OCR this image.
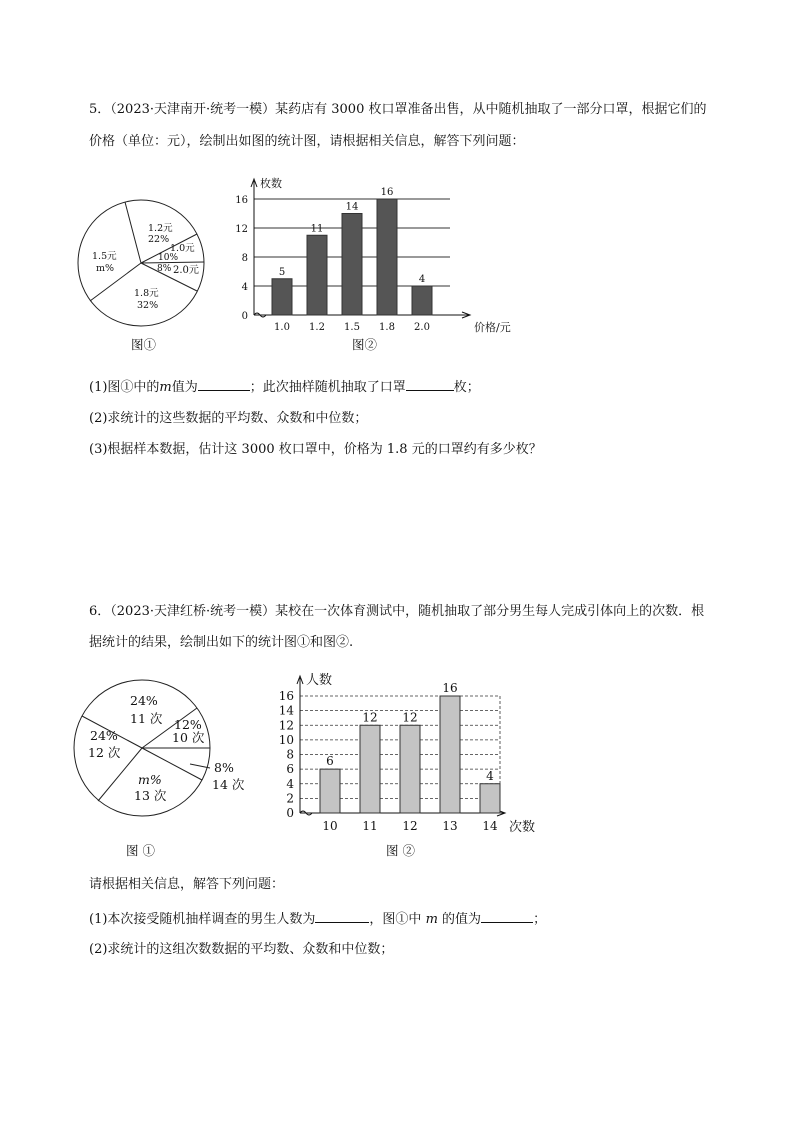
5．（2023·天津南开·统考一模）某药店有 3000 枚口罩准备出售，从中随机抽取了一部分口罩，根据它们的
价格（单位：元），绘制出如图的统计图，请根据相关信息，解答下列问题：
1.2元
22%
1.0元
10%
2.0元
8%
1.8元
32%
1.5元
m%
图①
0
4
8
12
16
枚数
价格/元
5
1.0
11
1.2
14
1.5
16
1.8
4
2.0
图②
(1)图①中的m值为	；此次抽样随机抽取了口罩	枚；
(2)求统计的这些数据的平均数、众数和中位数；
(3)根据样本数据，估计这 3000 枚口罩中，价格为 1.8 元的口罩约有多少枚？
6．（2023·天津红桥·统考一模）某校在一次体育测试中，随机抽取了部分男生每人完成引体向上的次数．根
据统计的结果，绘制出如下的统计图①和图②.
24%
11 次 12%
10 次
8%
14 次
m%
13 次
24%
12 次
图 ①
0
2
4
6
8
10
12
14
16
人数
次数
6
10
12
11
12
12
16
13
4
14
图 ②
请根据相关信息，解答下列问题：
(1)本次接受随机抽样调查的男生人数为	，图①中 m 的值为	；
(2)求统计的这组次数数据的平均数、众数和中位数；
